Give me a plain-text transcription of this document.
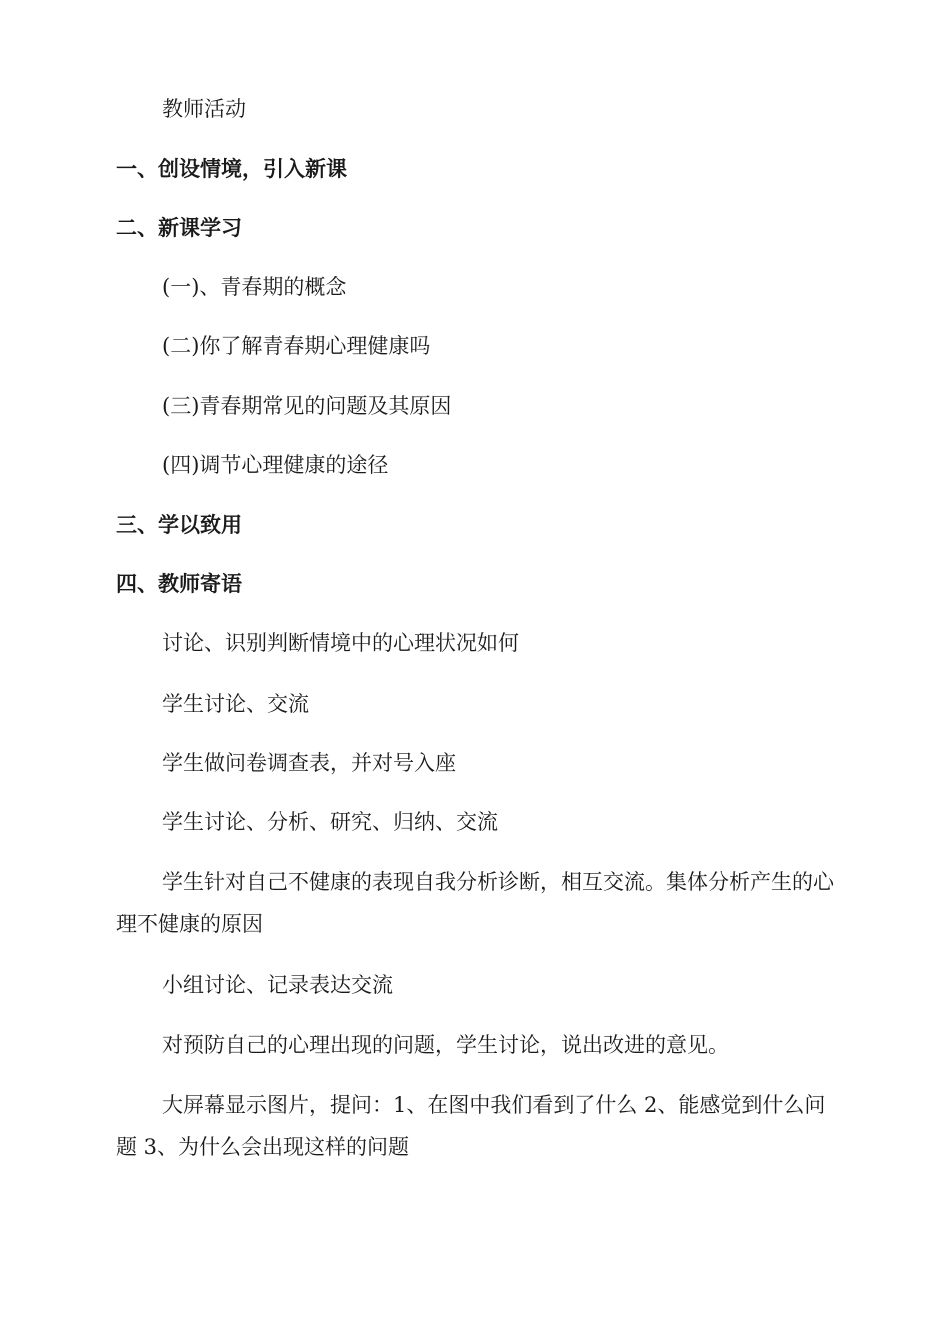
教师活动

一、创设情境，引入新课

二、新课学习

(一)、青春期的概念

(二)你了解青春期心理健康吗

(三)青春期常见的问题及其原因

(四)调节心理健康的途径

三、学以致用

四、教师寄语

讨论、识别判断情境中的心理状况如何

学生讨论、交流

学生做问卷调查表，并对号入座

学生讨论、分析、研究、归纳、交流

学生针对自己不健康的表现自我分析诊断，相互交流。集体分析产生的心理不健康的原因

小组讨论、记录表达交流

对预防自己的心理出现的问题，学生讨论，说出改进的意见。

大屏幕显示图片，提问：1、在图中我们看到了什么 2、能感觉到什么问题 3、为什么会出现这样的问题
